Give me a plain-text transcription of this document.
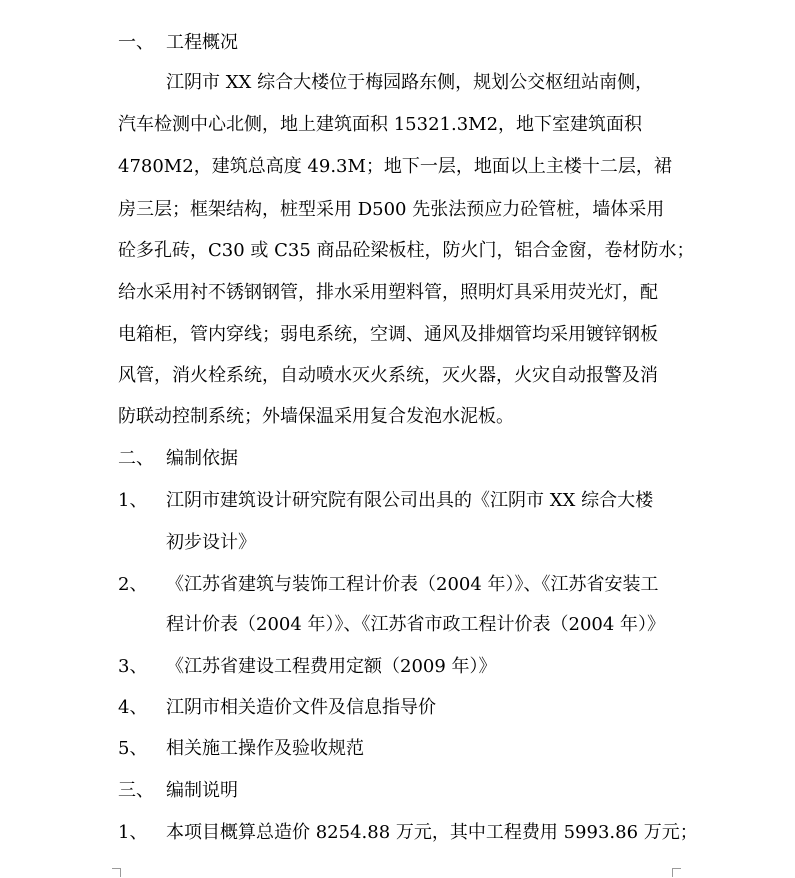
一、 工程概况
江阴市 XX 综合大楼位于梅园路东侧，规划公交枢纽站南侧，
汽车检测中心北侧，地上建筑面积 15321.3M2，地下室建筑面积
4780M2，建筑总高度 49.3M；地下一层，地面以上主楼十二层，裙
房三层；框架结构，桩型采用 D500 先张法预应力砼管桩，墙体采用
砼多孔砖，C30 或 C35 商品砼梁板柱，防火门，铝合金窗，卷材防水；
给水采用衬不锈钢钢管，排水采用塑料管，照明灯具采用荧光灯，配
电箱柜，管内穿线；弱电系统，空调、通风及排烟管均采用镀锌钢板
风管，消火栓系统，自动喷水灭火系统，灭火器，火灾自动报警及消
防联动控制系统；外墙保温采用复合发泡水泥板。
二、 编制依据
1、 江阴市建筑设计研究院有限公司出具的《江阴市 XX 综合大楼
初步设计》
2、 《江苏省建筑与装饰工程计价表（2004 年）》、《江苏省安装工
程计价表（2004 年）》、《江苏省市政工程计价表（2004 年）》
3、 《江苏省建设工程费用定额（2009 年）》
4、 江阴市相关造价文件及信息指导价
5、 相关施工操作及验收规范
三、 编制说明
1、 本项目概算总造价 8254.88 万元，其中工程费用 5993.86 万元；
